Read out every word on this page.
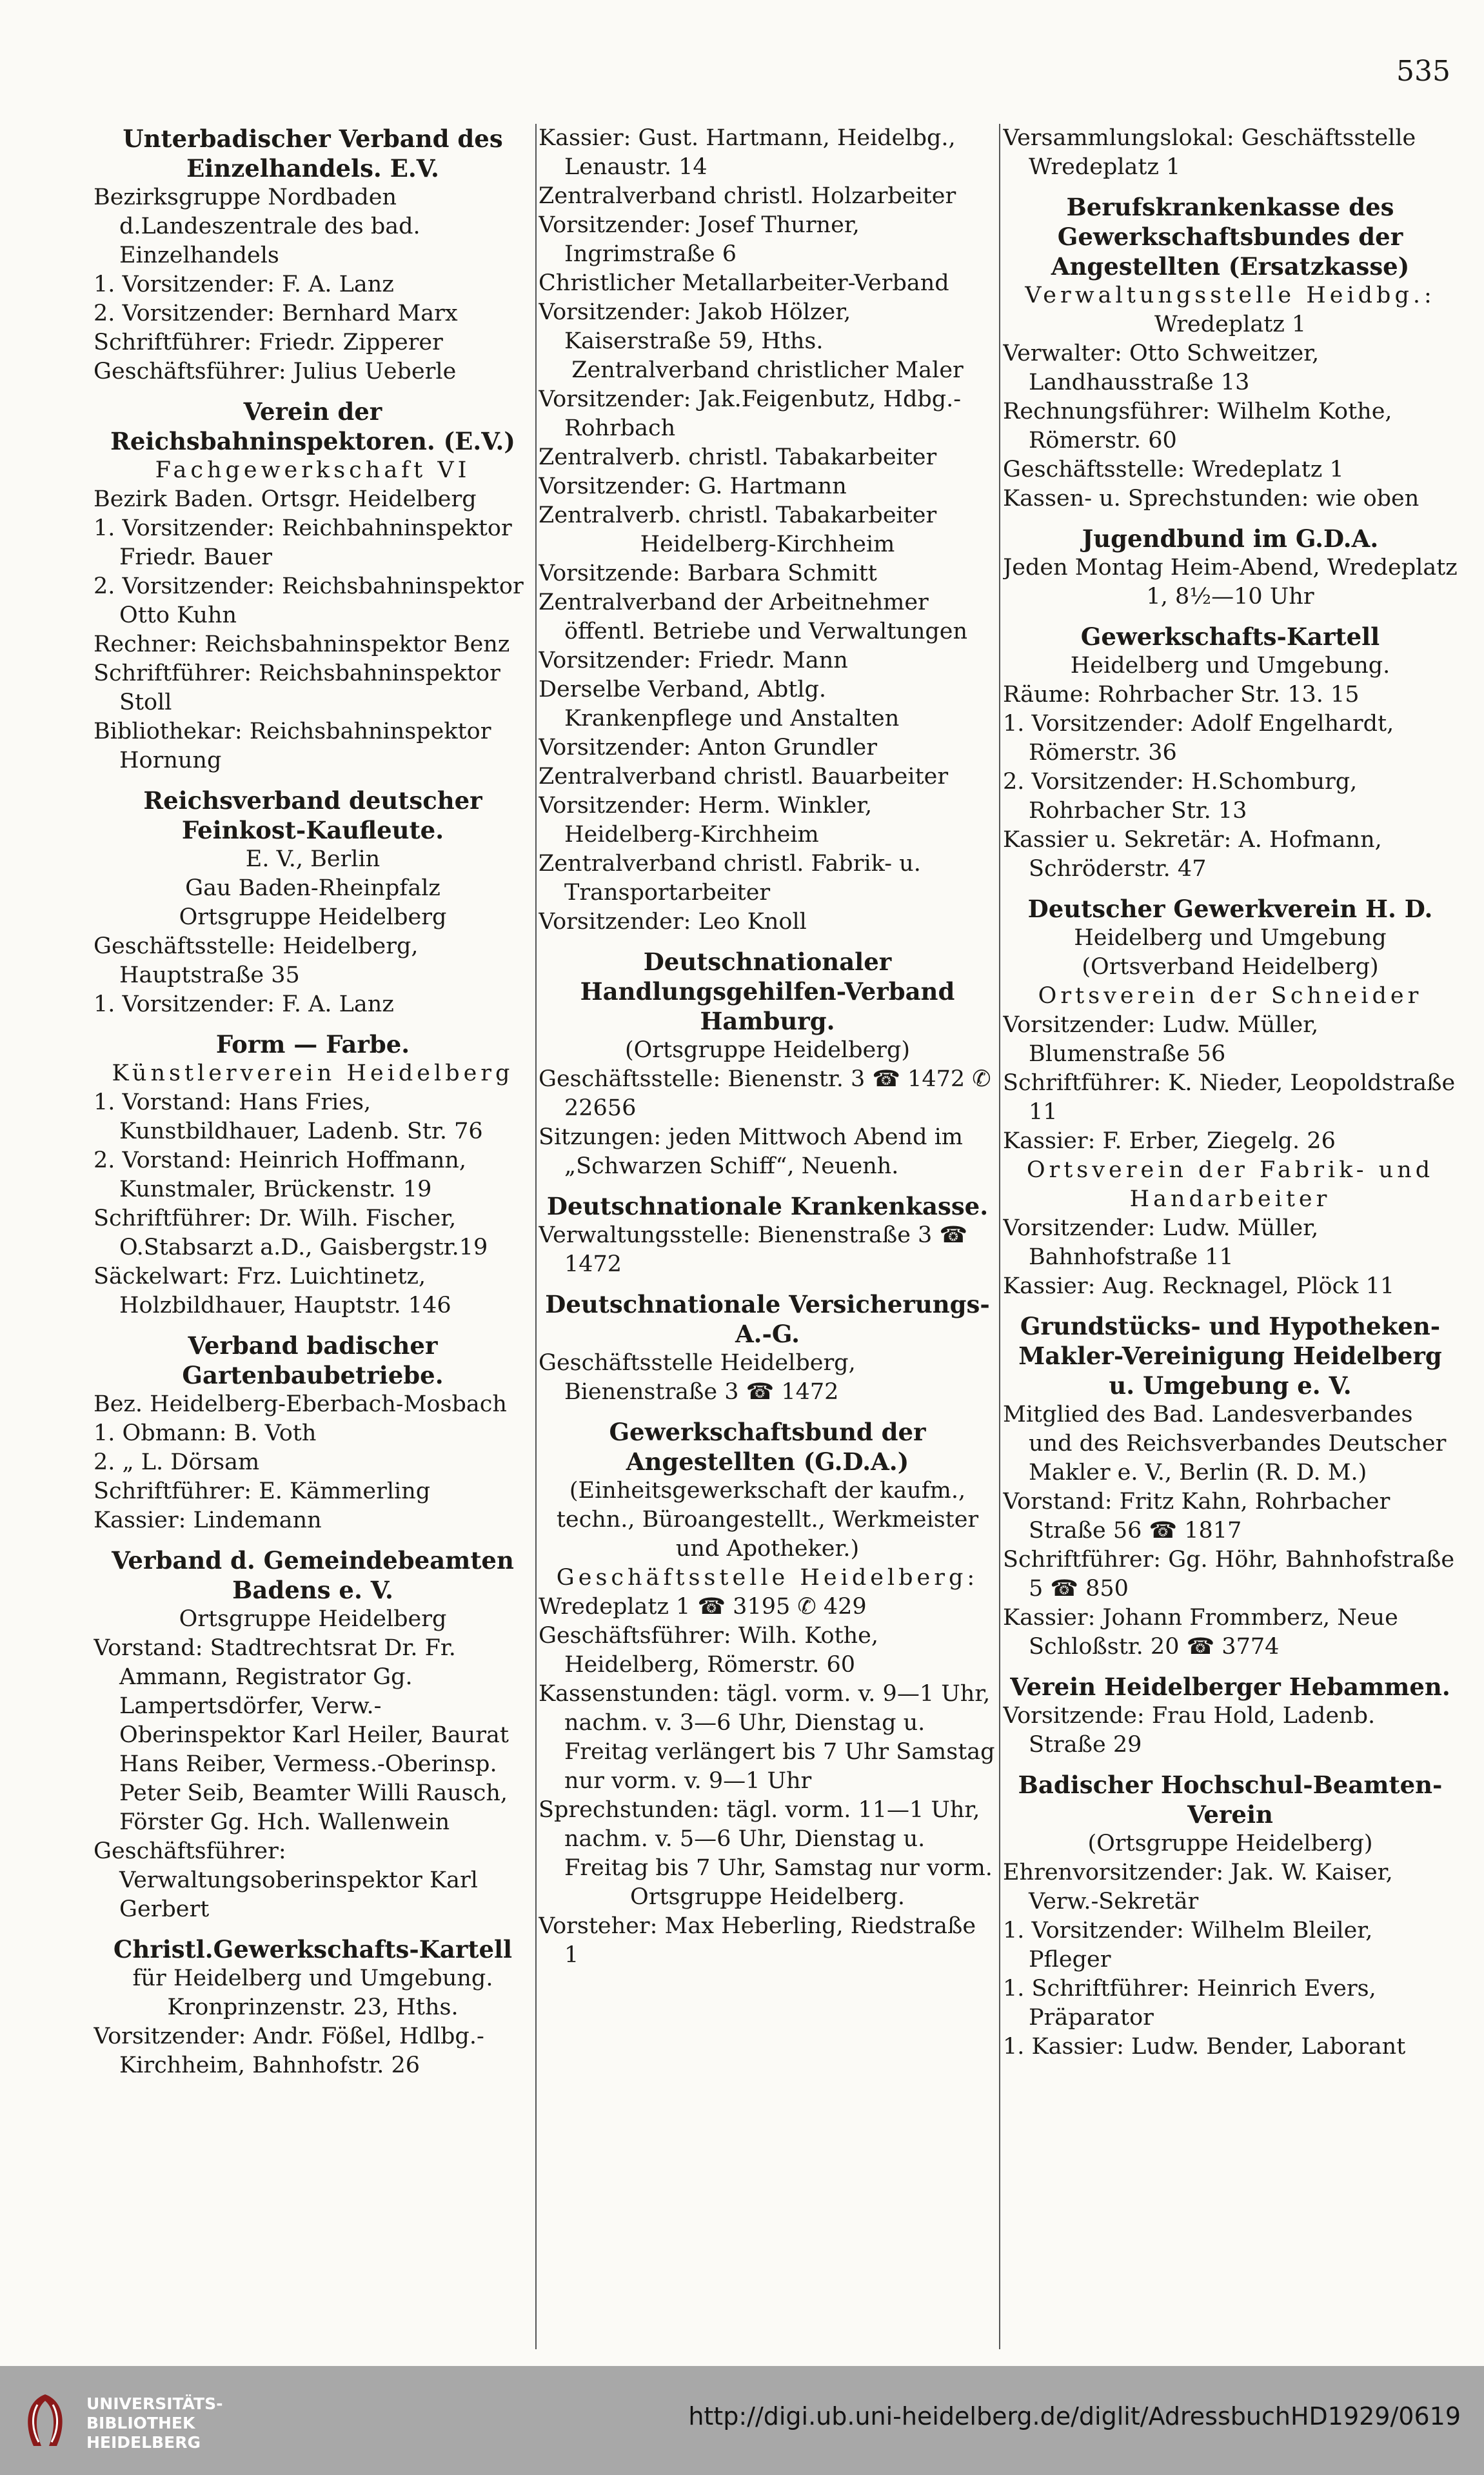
535
Unterbadischer Verband des Einzelhandels. E.V.
Bezirksgruppe Nordbaden d.Landeszentrale des bad. Einzelhandels
1. Vorsitzender: F. A. Lanz
2. Vorsitzender: Bernhard Marx
Schriftführer: Friedr. Zipperer
Geschäftsführer: Julius Ueberle
Verein der Reichsbahninspektoren. (E.V.)
Fachgewerkschaft VI
Bezirk Baden. Ortsgr. Heidelberg
1. Vorsitzender: Reichbahninspektor Friedr. Bauer
2. Vorsitzender: Reichsbahninspektor Otto Kuhn
Rechner: Reichsbahninspektor Benz
Schriftführer: Reichsbahninspektor Stoll
Bibliothekar: Reichsbahninspektor Hornung
Reichsverband deutscher Feinkost-Kaufleute.
E. V., Berlin
Gau Baden-Rheinpfalz
Ortsgruppe Heidelberg
Geschäftsstelle: Heidelberg, Hauptstraße 35
1. Vorsitzender: F. A. Lanz
Form — Farbe.
Künstlerverein Heidelberg
1. Vorstand: Hans Fries, Kunstbildhauer, Ladenb. Str. 76
2. Vorstand: Heinrich Hoffmann, Kunstmaler, Brückenstr. 19
Schriftführer: Dr. Wilh. Fischer, O.Stabsarzt a.D., Gaisbergstr.19
Säckelwart: Frz. Luichtinetz, Holzbildhauer, Hauptstr. 146
Verband badischer Gartenbaubetriebe.
Bez. Heidelberg-Eberbach-Mosbach
1. Obmann: B. Voth
2. „ L. Dörsam
Schriftführer: E. Kämmerling
Kassier: Lindemann
Verband d. Gemeindebeamten Badens e. V.
Ortsgruppe Heidelberg
Vorstand: Stadtrechtsrat Dr. Fr. Ammann, Registrator Gg. Lampertsdörfer, Verw.-Oberinspektor Karl Heiler, Baurat Hans Reiber, Vermess.-Oberinsp. Peter Seib, Beamter Willi Rausch, Förster Gg. Hch. Wallenwein
Geschäftsführer: Verwaltungsoberinspektor Karl Gerbert
Christl.Gewerkschafts-Kartell
für Heidelberg und Umgebung.
Kronprinzenstr. 23, Hths.
Vorsitzender: Andr. Fößel, Hdlbg.-Kirchheim, Bahnhofstr. 26
Kassier: Gust. Hartmann, Heidelbg., Lenaustr. 14
Zentralverband christl. Holzarbeiter
Vorsitzender: Josef Thurner, Ingrimstraße 6
Christlicher Metallarbeiter-Verband
Vorsitzender: Jakob Hölzer, Kaiserstraße 59, Hths.
Zentralverband christlicher Maler
Vorsitzender: Jak.Feigenbutz, Hdbg.-Rohrbach
Zentralverb. christl. Tabakarbeiter
Vorsitzender: G. Hartmann
Zentralverb. christl. Tabakarbeiter
Heidelberg-Kirchheim
Vorsitzende: Barbara Schmitt
Zentralverband der Arbeitnehmer öffentl. Betriebe und Verwaltungen
Vorsitzender: Friedr. Mann
Derselbe Verband, Abtlg. Krankenpflege und Anstalten
Vorsitzender: Anton Grundler
Zentralverband christl. Bauarbeiter
Vorsitzender: Herm. Winkler, Heidelberg-Kirchheim
Zentralverband christl. Fabrik- u. Transportarbeiter
Vorsitzender: Leo Knoll
Deutschnationaler Handlungsgehilfen-Verband Hamburg.
(Ortsgruppe Heidelberg)
Geschäftsstelle: Bienenstr. 3 ☎ 1472 ✆ 22656
Sitzungen: jeden Mittwoch Abend im „Schwarzen Schiff“, Neuenh.
Deutschnationale Krankenkasse.
Verwaltungsstelle: Bienenstraße 3 ☎ 1472
Deutschnationale Versicherungs-A.-G.
Geschäftsstelle Heidelberg, Bienenstraße 3 ☎ 1472
Gewerkschaftsbund der Angestellten (G.D.A.)
(Einheitsgewerkschaft der kaufm., techn., Büroangestellt., Werkmeister und Apotheker.)
Geschäftsstelle Heidelberg:
Wredeplatz 1 ☎ 3195 ✆ 429
Geschäftsführer: Wilh. Kothe, Heidelberg, Römerstr. 60
Kassenstunden: tägl. vorm. v. 9—1 Uhr, nachm. v. 3—6 Uhr, Dienstag u. Freitag verlängert bis 7 Uhr Samstag nur vorm. v. 9—1 Uhr
Sprechstunden: tägl. vorm. 11—1 Uhr, nachm. v. 5—6 Uhr, Dienstag u. Freitag bis 7 Uhr, Samstag nur vorm.
Ortsgruppe Heidelberg.
Vorsteher: Max Heberling, Riedstraße 1
Versammlungslokal: Geschäftsstelle Wredeplatz 1
Berufskrankenkasse des Gewerkschaftsbundes der Angestellten (Ersatzkasse)
Verwaltungsstelle Heidbg.:
Wredeplatz 1
Verwalter: Otto Schweitzer, Landhausstraße 13
Rechnungsführer: Wilhelm Kothe, Römerstr. 60
Geschäftsstelle: Wredeplatz 1
Kassen- u. Sprechstunden: wie oben
Jugendbund im G.D.A.
Jeden Montag Heim-Abend, Wredeplatz 1, 8½—10 Uhr
Gewerkschafts-Kartell
Heidelberg und Umgebung.
Räume: Rohrbacher Str. 13. 15
1. Vorsitzender: Adolf Engelhardt, Römerstr. 36
2. Vorsitzender: H.Schomburg, Rohrbacher Str. 13
Kassier u. Sekretär: A. Hofmann, Schröderstr. 47
Deutscher Gewerkverein H. D.
Heidelberg und Umgebung
(Ortsverband Heidelberg)
Ortsverein der Schneider
Vorsitzender: Ludw. Müller, Blumenstraße 56
Schriftführer: K. Nieder, Leopoldstraße 11
Kassier: F. Erber, Ziegelg. 26
Ortsverein der Fabrik- und Handarbeiter
Vorsitzender: Ludw. Müller, Bahnhofstraße 11
Kassier: Aug. Recknagel, Plöck 11
Grundstücks- und Hypotheken-Makler-Vereinigung Heidelberg u. Umgebung e. V.
Mitglied des Bad. Landesverbandes und des Reichsverbandes Deutscher Makler e. V., Berlin (R. D. M.)
Vorstand: Fritz Kahn, Rohrbacher Straße 56 ☎ 1817
Schriftführer: Gg. Höhr, Bahnhofstraße 5 ☎ 850
Kassier: Johann Frommberz, Neue Schloßstr. 20 ☎ 3774
Verein Heidelberger Hebammen.
Vorsitzende: Frau Hold, Ladenb. Straße 29
Badischer Hochschul-Beamten-Verein
(Ortsgruppe Heidelberg)
Ehrenvorsitzender: Jak. W. Kaiser, Verw.-Sekretär
1. Vorsitzender: Wilhelm Bleiler, Pfleger
1. Schriftführer: Heinrich Evers, Präparator
1. Kassier: Ludw. Bender, Laborant
UNIVERSITÄTS-
BIBLIOTHEK
HEIDELBERG
http://digi.ub.uni-heidelberg.de/diglit/AdressbuchHD1929/0619
